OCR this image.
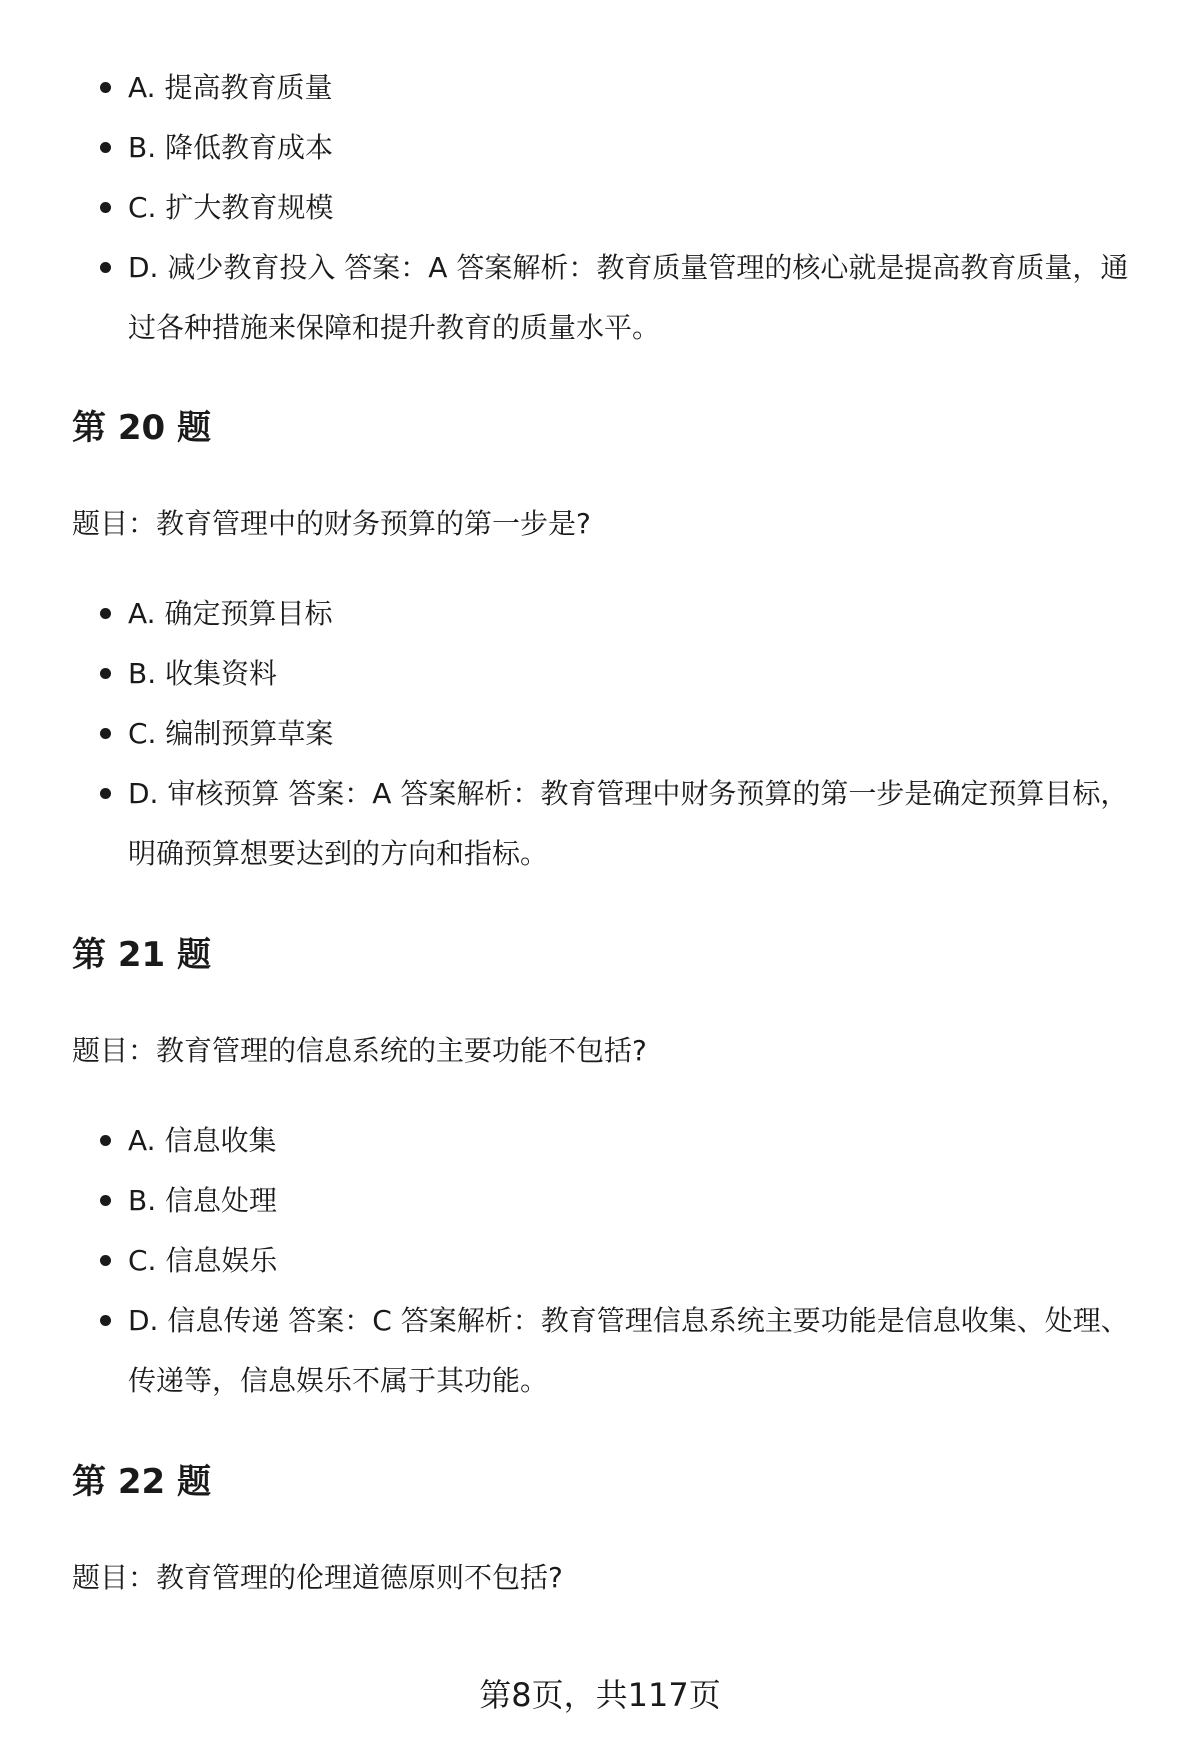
A. 提高教育质量
B. 降低教育成本
C. 扩大教育规模
D. 减少教育投入 答案：A 答案解析：教育质量管理的核心就是提高教育质量，通过各种措施来保障和提升教育的质量水平。
第 20 题

题目：教育管理中的财务预算的第一步是?

A. 确定预算目标
B. 收集资料
C. 编制预算草案
D. 审核预算 答案：A 答案解析：教育管理中财务预算的第一步是确定预算目标，明确预算想要达到的方向和指标。
第 21 题

题目：教育管理的信息系统的主要功能不包括?

A. 信息收集
B. 信息处理
C. 信息娱乐
D. 信息传递 答案：C 答案解析：教育管理信息系统主要功能是信息收集、处理、传递等，信息娱乐不属于其功能。
第 22 题

题目：教育管理的伦理道德原则不包括?

第8页，共117页
